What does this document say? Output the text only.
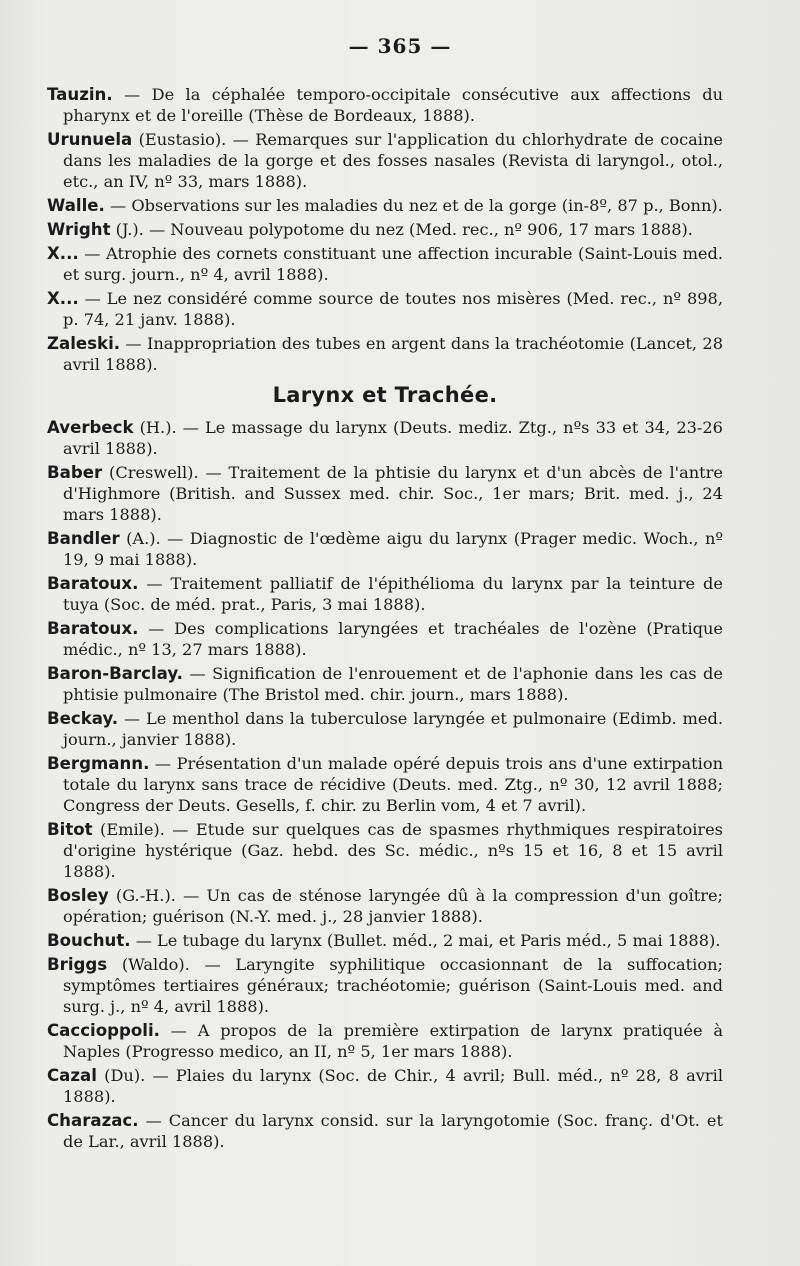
— 365 —

Tauzin. — De la céphalée temporo-occipitale consécutive aux affections du pharynx et de l'oreille (Thèse de Bordeaux, 1888).

Urunuela (Eustasio). — Remarques sur l'application du chlorhydrate de cocaine dans les maladies de la gorge et des fosses nasales (Revista di laryngol., otol., etc., an IV, nº 33, mars 1888).

Walle. — Observations sur les maladies du nez et de la gorge (in-8º, 87 p., Bonn).

Wright (J.). — Nouveau polypotome du nez (Med. rec., nº 906, 17 mars 1888).

X... — Atrophie des cornets constituant une affection incurable (Saint-Louis med. et surg. journ., nº 4, avril 1888).

X... — Le nez considéré comme source de toutes nos misères (Med. rec., nº 898, p. 74, 21 janv. 1888).

Zaleski. — Inappropriation des tubes en argent dans la trachéotomie (Lancet, 28 avril 1888).

Larynx et Trachée.

Averbeck (H.). — Le massage du larynx (Deuts. mediz. Ztg., nºs 33 et 34, 23-26 avril 1888).

Baber (Creswell). — Traitement de la phtisie du larynx et d'un abcès de l'antre d'Highmore (British. and Sussex med. chir. Soc., 1er mars; Brit. med. j., 24 mars 1888).

Bandler (A.). — Diagnostic de l'œdème aigu du larynx (Prager medic. Woch., nº 19, 9 mai 1888).

Baratoux. — Traitement palliatif de l'épithélioma du larynx par la teinture de tuya (Soc. de méd. prat., Paris, 3 mai 1888).

Baratoux. — Des complications laryngées et trachéales de l'ozène (Pratique médic., nº 13, 27 mars 1888).

Baron-Barclay. — Signification de l'enrouement et de l'aphonie dans les cas de phtisie pulmonaire (The Bristol med. chir. journ., mars 1888).

Beckay. — Le menthol dans la tuberculose laryngée et pulmonaire (Edimb. med. journ., janvier 1888).

Bergmann. — Présentation d'un malade opéré depuis trois ans d'une extirpation totale du larynx sans trace de récidive (Deuts. med. Ztg., nº 30, 12 avril 1888; Congress der Deuts. Gesells, f. chir. zu Berlin vom, 4 et 7 avril).

Bitot (Emile). — Etude sur quelques cas de spasmes rhythmiques respiratoires d'origine hystérique (Gaz. hebd. des Sc. médic., nºs 15 et 16, 8 et 15 avril 1888).

Bosley (G.-H.). — Un cas de sténose laryngée dû à la compression d'un goître; opération; guérison (N.-Y. med. j., 28 janvier 1888).

Bouchut. — Le tubage du larynx (Bullet. méd., 2 mai, et Paris méd., 5 mai 1888).

Briggs (Waldo). — Laryngite syphilitique occasionnant de la suffocation; symptômes tertiaires généraux; trachéotomie; guérison (Saint-Louis med. and surg. j., nº 4, avril 1888).

Caccioppoli. — A propos de la première extirpation de larynx pratiquée à Naples (Progresso medico, an II, nº 5, 1er mars 1888).

Cazal (Du). — Plaies du larynx (Soc. de Chir., 4 avril; Bull. méd., nº 28, 8 avril 1888).

Charazac. — Cancer du larynx consid. sur la laryngotomie (Soc. franç. d'Ot. et de Lar., avril 1888).
